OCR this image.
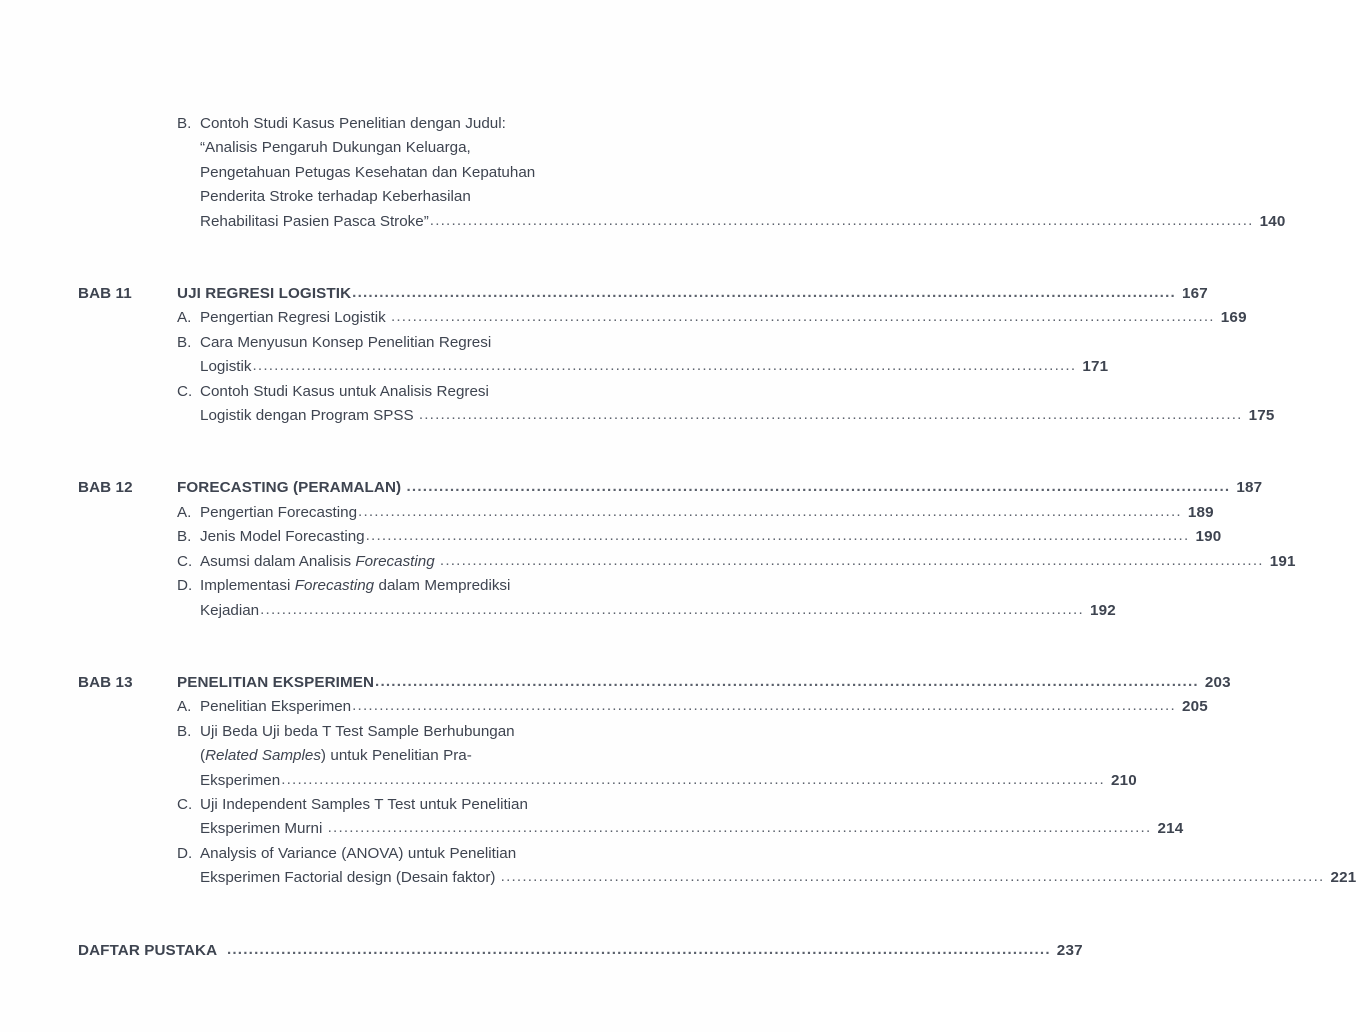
B. Contoh Studi Kasus Penelitian dengan Judul:
“Analisis Pengaruh Dukungan Keluarga,
Pengetahuan Petugas Kesehatan dan Kepatuhan
Penderita Stroke terhadap Keberhasilan
Rehabilitasi Pasien Pasca Stroke” .....	140
BAB 11	UJI REGRESI LOGISTIK .....	167
A. Pengertian Regresi Logistik .....	169
B. Cara Menyusun Konsep Penelitian Regresi
Logistik .....	171
C. Contoh Studi Kasus untuk Analisis Regresi
Logistik dengan Program SPSS .....	175
BAB 12	FORECASTING (PERAMALAN) .....	187
A. Pengertian Forecasting .....	189
B. Jenis Model Forecasting .....	190
C. Asumsi dalam Analisis Forecasting .....	191
D. Implementasi Forecasting dalam Memprediksi
Kejadian .....	192
BAB 13	PENELITIAN EKSPERIMEN .....	203
A. Penelitian Eksperimen .....	205
B. Uji Beda Uji beda T Test Sample Berhubungan
(Related Samples) untuk Penelitian Pra-
Eksperimen .....	210
C. Uji Independent Samples T Test untuk Penelitian
Eksperimen Murni .....	214
D. Analysis of Variance (ANOVA) untuk Penelitian
Eksperimen Factorial design (Desain faktor) .....	221
DAFTAR PUSTAKA .....	237
